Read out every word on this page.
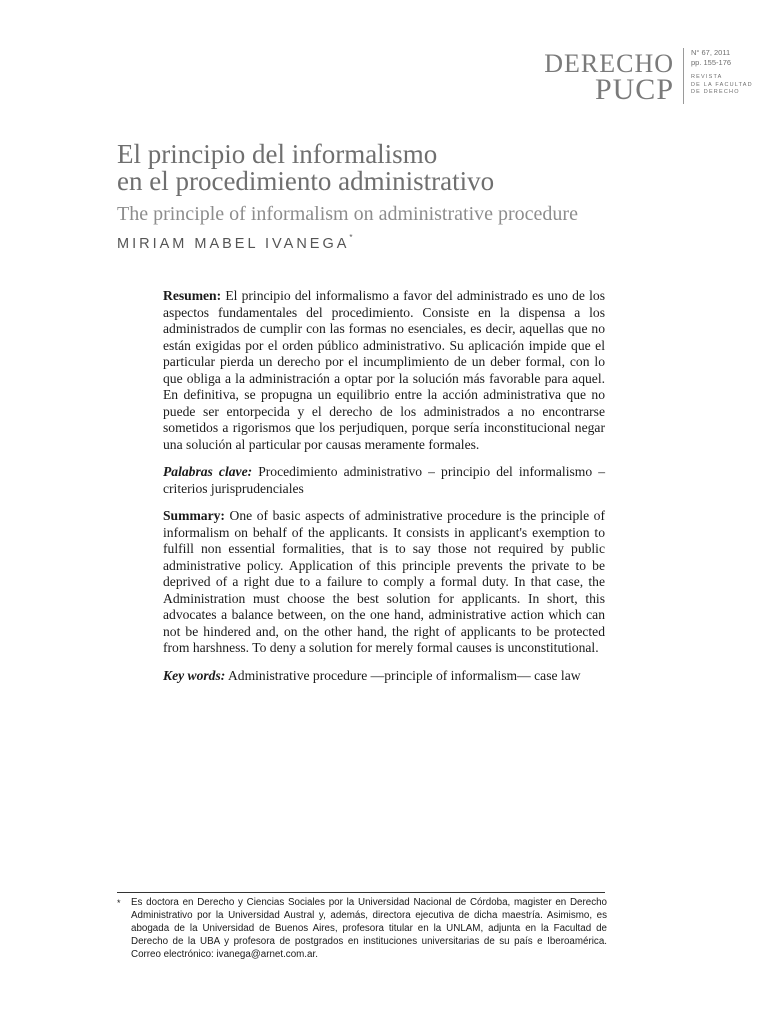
DERECHO
PUCP
N° 67, 2011
pp. 155-176
REVISTA
DE LA FACULTAD
DE DERECHO
El principio del informalismo
en el procedimiento administrativo
The principle of informalism on administrative procedure
MIRIAM MABEL IVANEGA*

Resumen: El principio del informalismo a favor del administrado es uno de los aspectos fundamentales del procedimiento. Consiste en la dispensa a los administrados de cumplir con las formas no esenciales, es decir, aquellas que no están exigidas por el orden público administrativo. Su aplicación impide que el particular pierda un derecho por el incumplimiento de un deber formal, con lo que obliga a la administración a optar por la solución más favorable para aquel. En definitiva, se propugna un equilibrio entre la acción administrativa que no puede ser entorpecida y el derecho de los administrados a no encontrarse sometidos a rigorismos que los perjudiquen, porque sería inconstitucional negar una solución al particular por causas meramente formales.

Palabras clave: Procedimiento administrativo – principio del informalismo – criterios jurisprudenciales

Summary: One of basic aspects of administrative procedure is the principle of informalism on behalf of the applicants. It consists in applicant's exemption to fulfill non essential formalities, that is to say those not required by public administrative policy. Application of this principle prevents the private to be deprived of a right due to a failure to comply a formal duty. In that case, the Administration must choose the best solution for applicants. In short, this advocates a balance between, on the one hand, administrative action which can not be hindered and, on the other hand, the right of applicants to be protected from harshness. To deny a solution for merely formal causes is unconstitutional.

Key words: Administrative procedure —principle of informalism— case law

* Es doctora en Derecho y Ciencias Sociales por la Universidad Nacional de Córdoba, magister en Derecho Administrativo por la Universidad Austral y, además, directora ejecutiva de dicha maestría. Asimismo, es abogada de la Universidad de Buenos Aires, profesora titular en la UNLAM, adjunta en la Facultad de Derecho de la UBA y profesora de postgrados en instituciones universitarias de su país e Iberoamérica. Correo electrónico: ivanega@arnet.com.ar.
